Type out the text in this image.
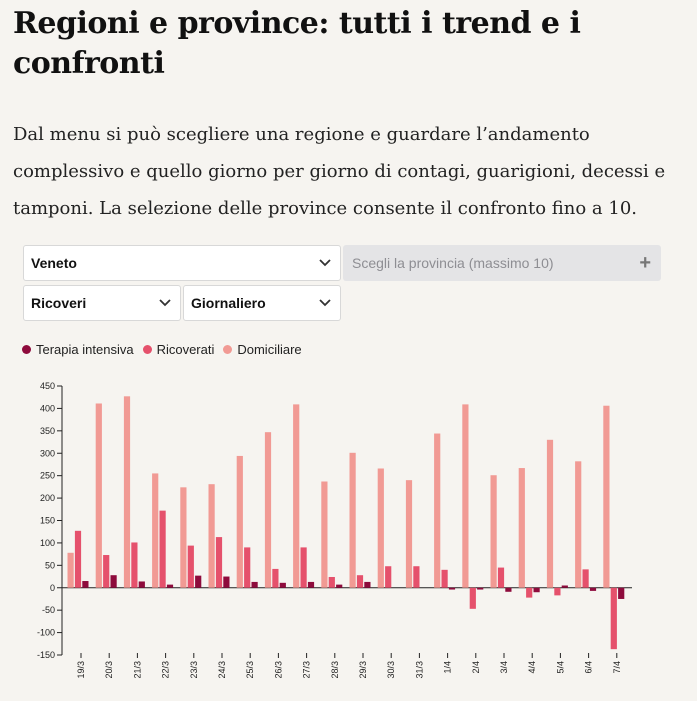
Regioni e province: tutti i trend e i confronti

Dal menu si può scegliere una regione e guardare l’andamento complessivo e quello giorno per giorno di contagi, guarigioni, decessi e tamponi. La selezione delle province consente il confronto fino a 10.

Veneto	Scegli la provincia (massimo 10)	+
Ricoveri	Giornaliero
Terapia intensiva Ricoverati Domiciliare
-150
-100
-50
0
50
100
150
200
250
300
350
400
450
19/3 20/3 21/3 22/3 23/3 24/3 25/3 26/3 27/3 28/3 29/3 30/3 31/3 1/4 2/4 3/4 4/4 5/4 6/4 7/4
